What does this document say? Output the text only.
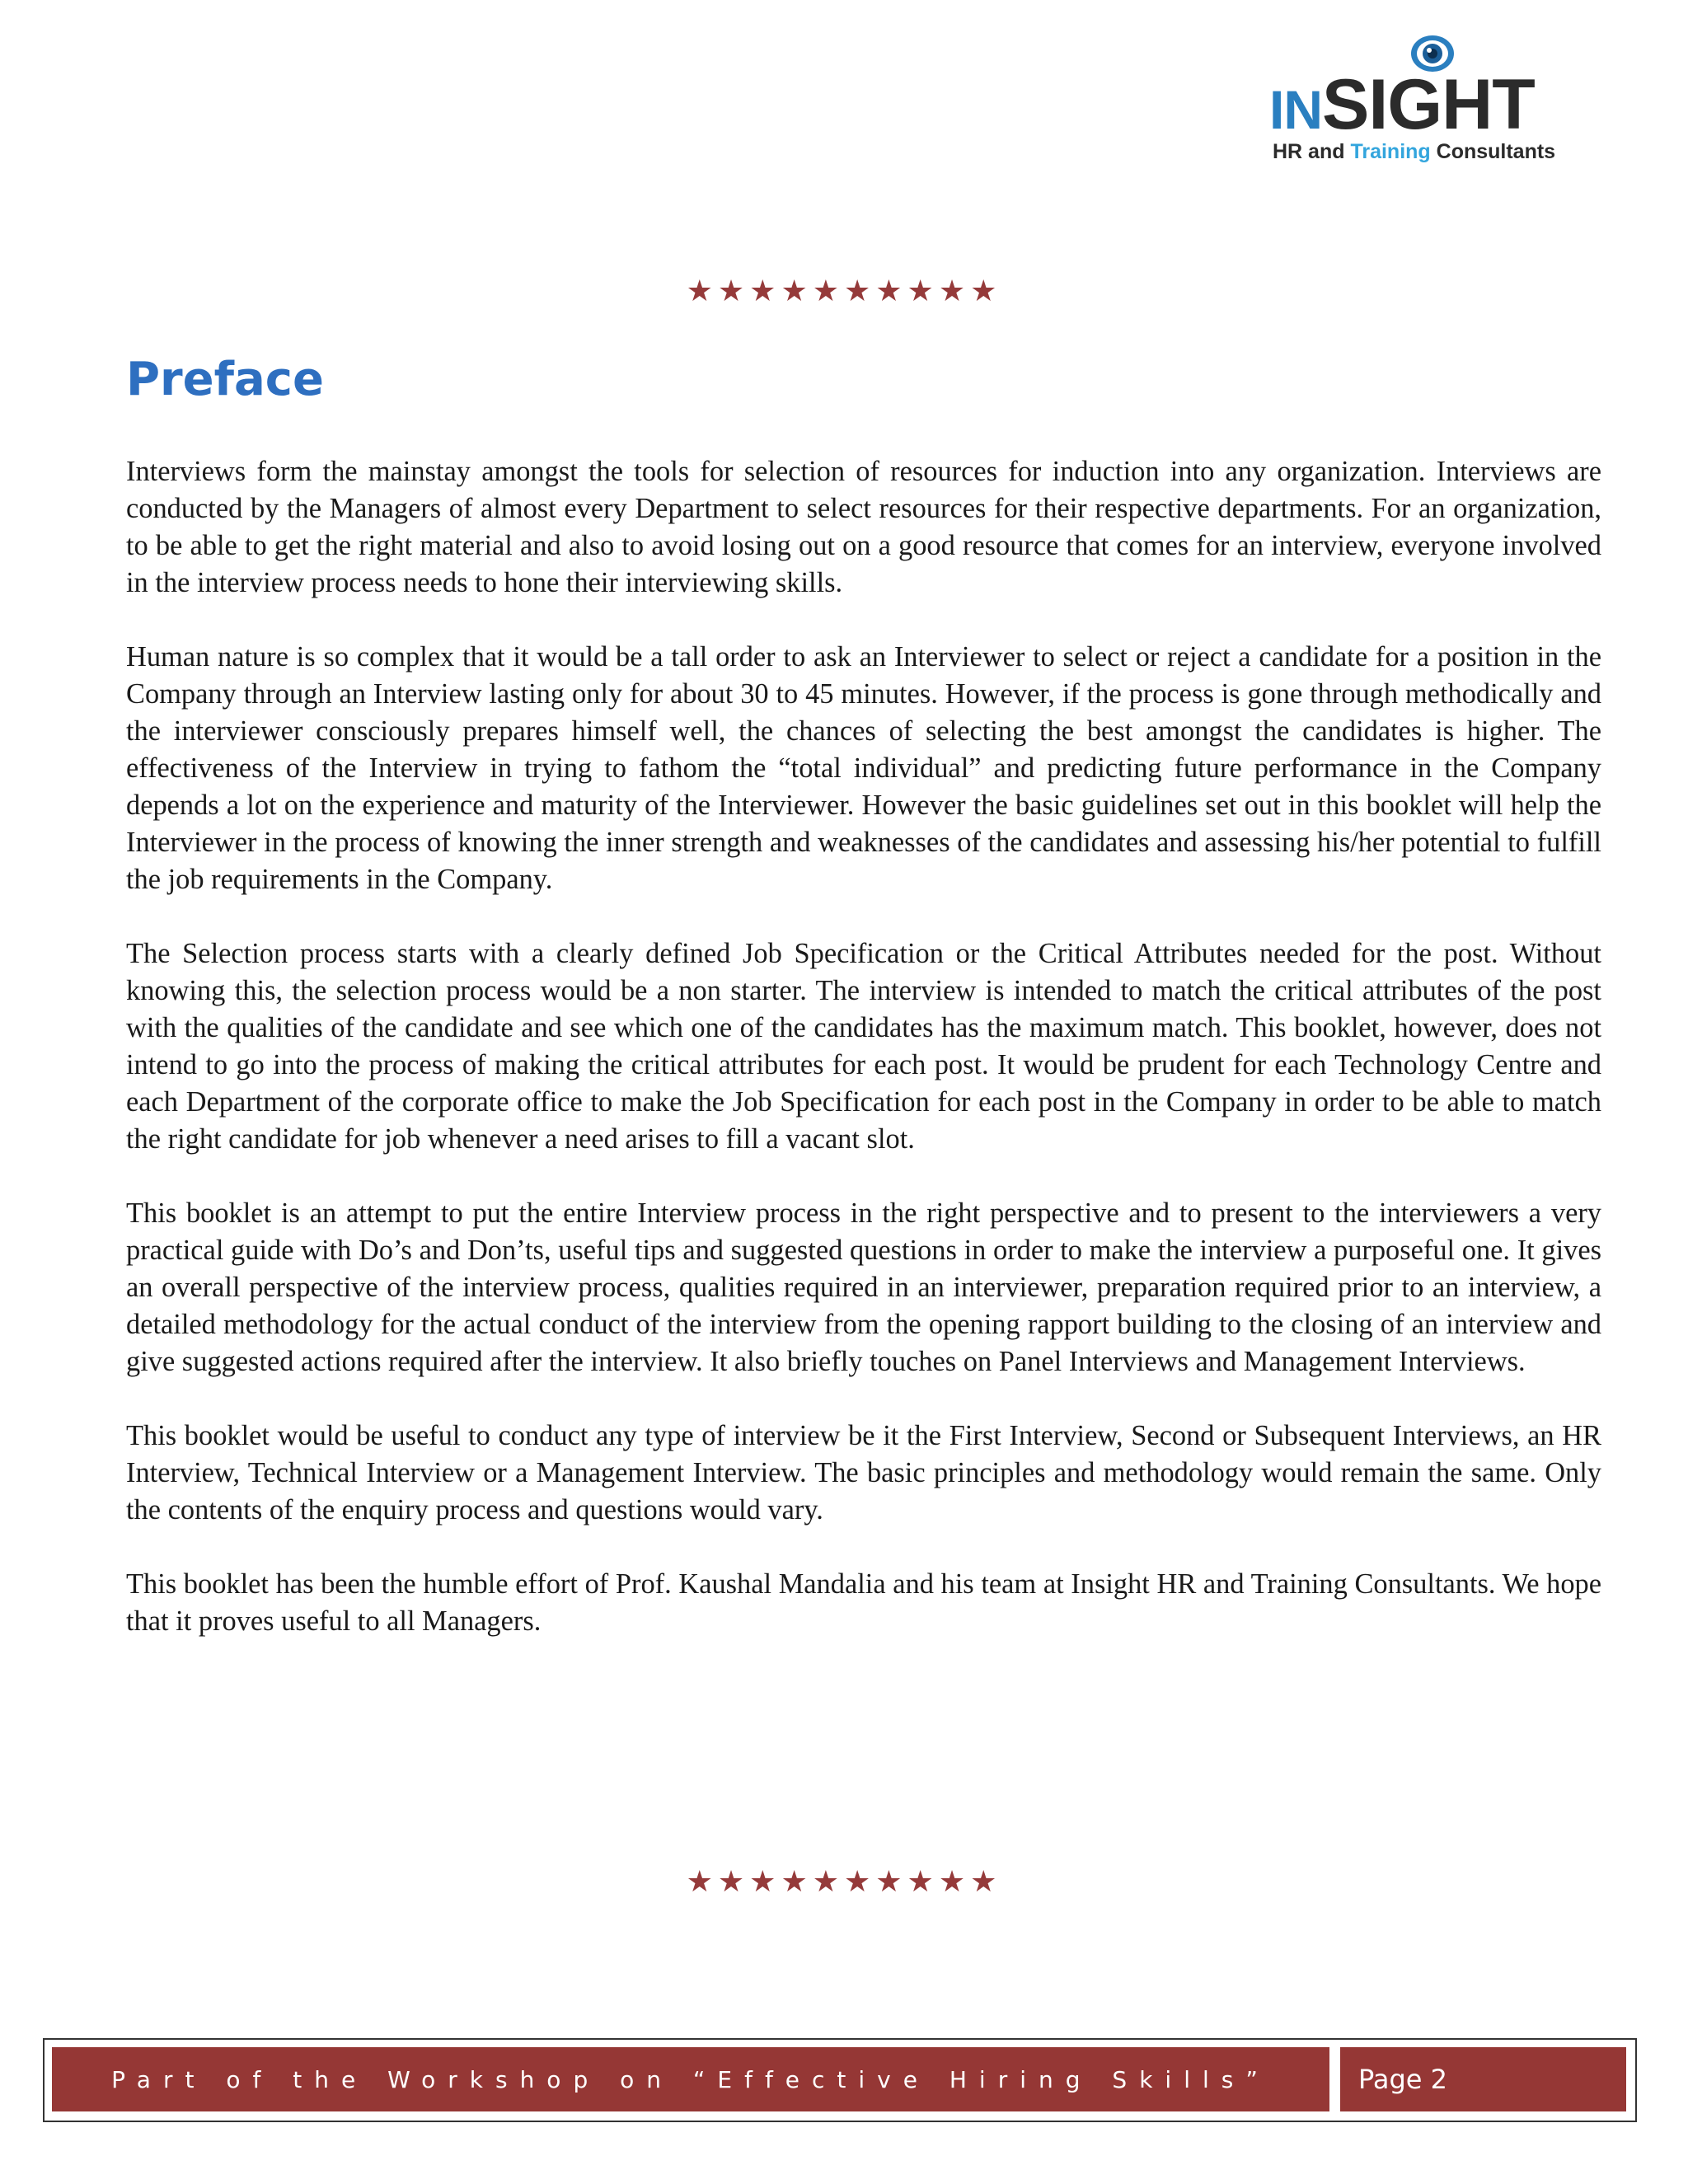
INSIGHT
HR and Training Consultants
★★★★★★★★★★
Preface

Interviews form the mainstay amongst the tools for selection of resources for induction into any organization. Interviews are conducted by the Managers of almost every Department to select resources for their respective departments. For an organization, to be able to get the right material and also to avoid losing out on a good resource that comes for an interview, everyone involved in the interview process needs to hone their interviewing skills.

Human nature is so complex that it would be a tall order to ask an Interviewer to select or reject a candidate for a position in the Company through an Interview lasting only for about 30 to 45 minutes. However, if the process is gone through methodically and the interviewer consciously prepares himself well, the chances of selecting the best amongst the candidates is higher. The effectiveness of the Interview in trying to fathom the “total individual” and predicting future performance in the Company depends a lot on the experience and maturity of the Interviewer. However the basic guidelines set out in this booklet will help the Interviewer in the process of knowing the inner strength and weaknesses of the candidates and assessing his/her potential to fulfill the job requirements in the Company.

The Selection process starts with a clearly defined Job Specification or the Critical Attributes needed for the post. Without knowing this, the selection process would be a non starter. The interview is intended to match the critical attributes of the post with the qualities of the candidate and see which one of the candidates has the maximum match. This booklet, however, does not intend to go into the process of making the critical attributes for each post. It would be prudent for each Technology Centre and each Department of the corporate office to make the Job Specification for each post in the Company in order to be able to match the right candidate for job whenever a need arises to fill a vacant slot.

This booklet is an attempt to put the entire Interview process in the right perspective and to present to the interviewers a very practical guide with Do’s and Don’ts, useful tips and suggested questions in order to make the interview a purposeful one. It gives an overall perspective of the interview process, qualities required in an interviewer, preparation required prior to an interview, a detailed methodology for the actual conduct of the interview from the opening rapport building to the closing of an interview and give suggested actions required after the interview. It also briefly touches on Panel Interviews and Management Interviews.

This booklet would be useful to conduct any type of interview be it the First Interview, Second or Subsequent Interviews, an HR Interview, Technical Interview or a Management Interview. The basic principles and methodology would remain the same. Only the contents of the enquiry process and questions would vary.

This booklet has been the humble effort of Prof. Kaushal Mandalia and his team at Insight HR and Training Consultants. We hope that it proves useful to all Managers.

★★★★★★★★★★
Part of the Workshop on “Effective Hiring Skills”	Page 2
